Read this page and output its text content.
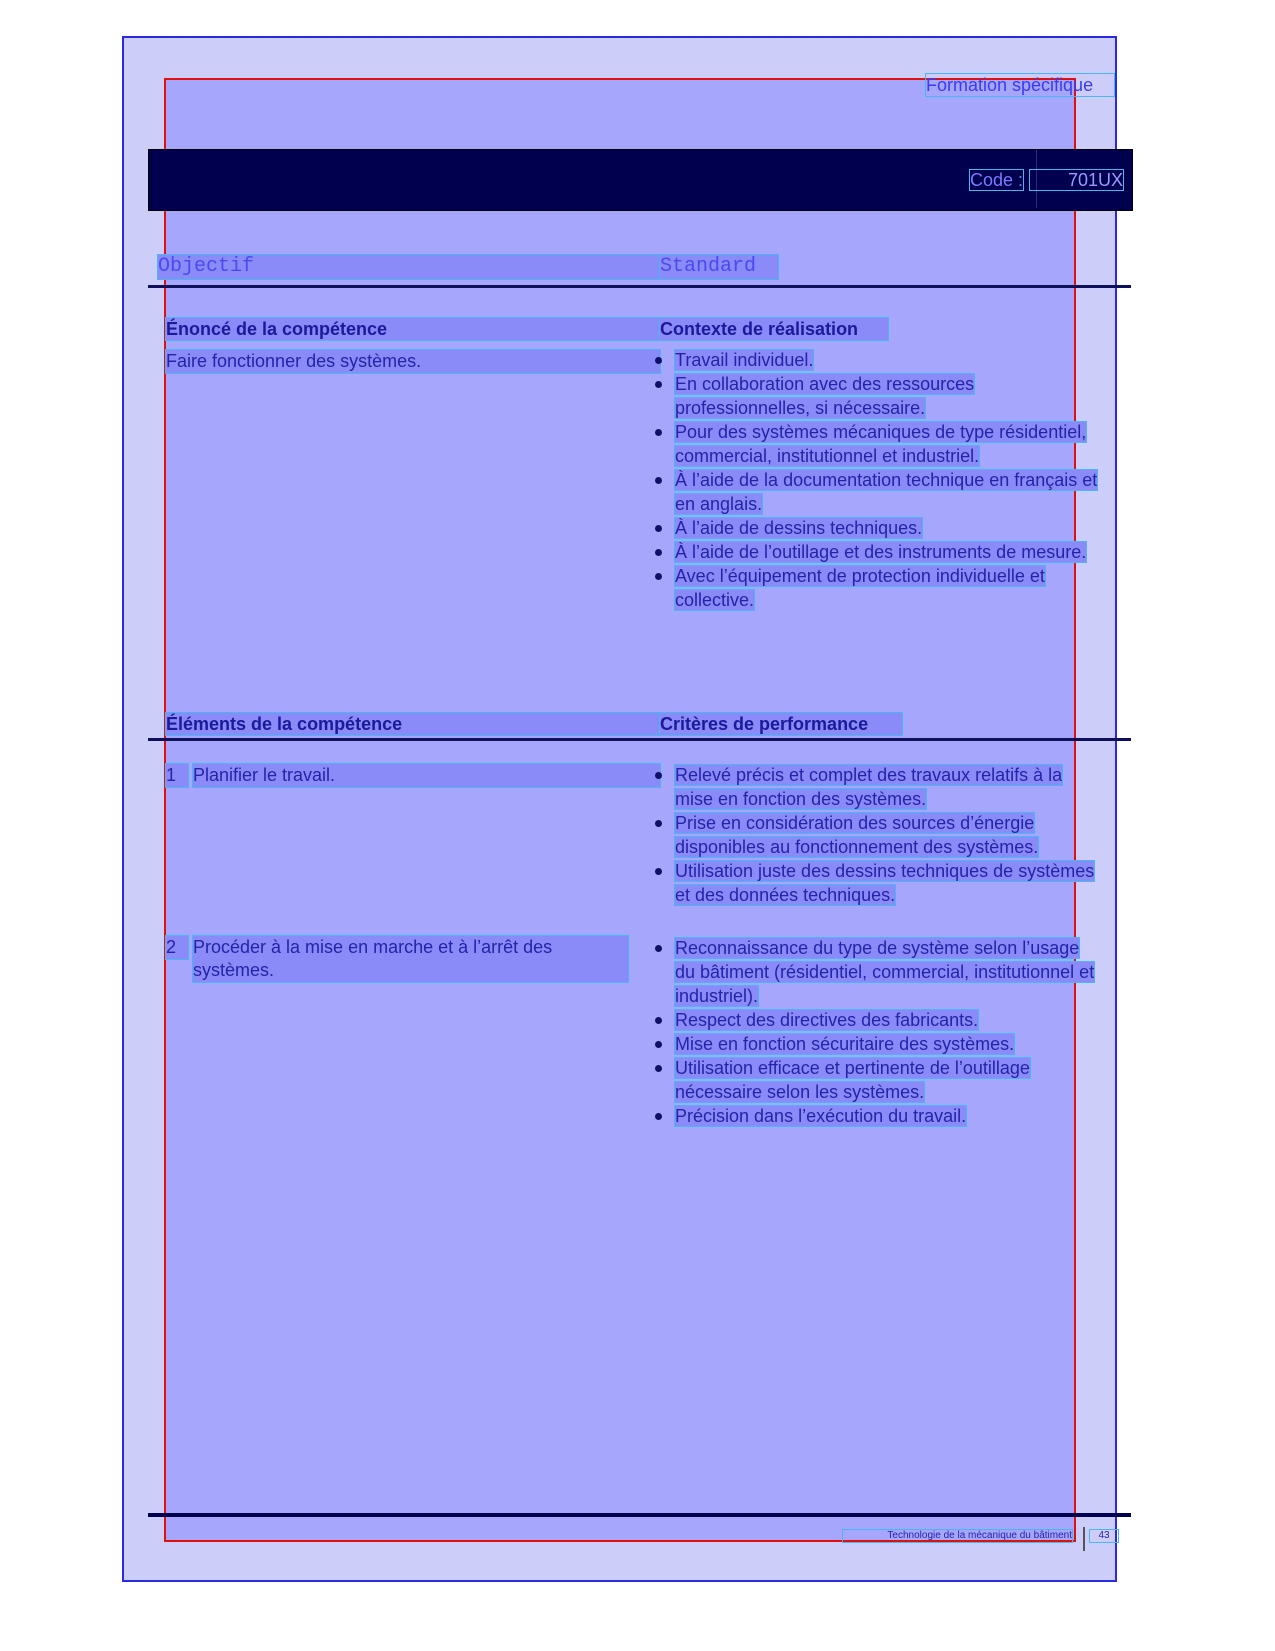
Formation spécifique
Code :	701UX
Objectif	Standard
Énoncé de la compétence	Contexte de réalisation
Faire fonctionner des systèmes.	Travail individuel.
En collaboration avec des ressources professionnelles, si nécessaire.
Pour des systèmes mécaniques de type résidentiel, commercial, institutionnel et industriel.
À l’aide de la documentation technique en français et en anglais.
À l’aide de dessins techniques.
À l’aide de l’outillage et des instruments de mesure.
Avec l’équipement de protection individuelle et collective.
Éléments de la compétence	Critères de performance
1 Planifier le travail.	Relevé précis et complet des travaux relatifs à la mise en fonction des systèmes.
Prise en considération des sources d’énergie disponibles au fonctionnement des systèmes.
Utilisation juste des dessins techniques de systèmes et des données techniques.
2 Procéder à la mise en marche et à l’arrêt des systèmes.
Reconnaissance du type de système selon l’usage du bâtiment (résidentiel, commercial, institutionnel et industriel).
Respect des directives des fabricants.
Mise en fonction sécuritaire des systèmes.
Utilisation efficace et pertinente de l’outillage nécessaire selon les systèmes.
Précision dans l’exécution du travail.
Technologie de la mécanique du bâtiment	43
